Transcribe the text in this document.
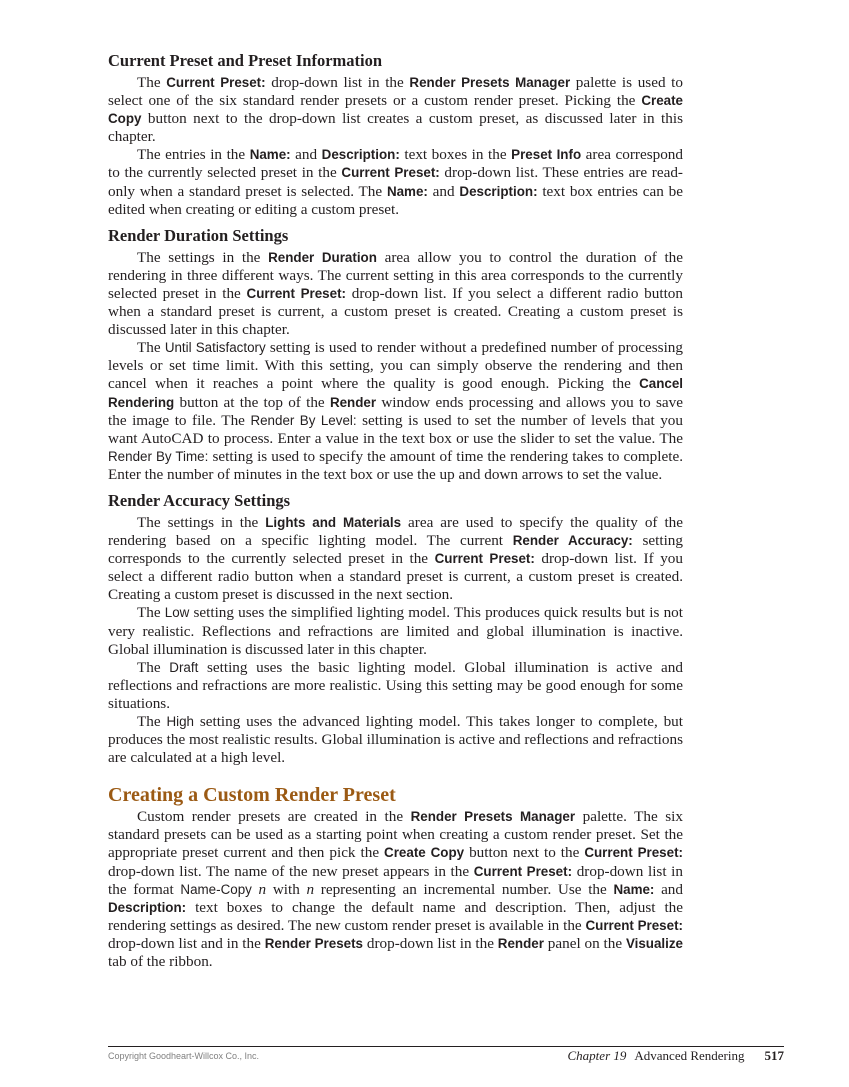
Current Preset and Preset Information

The Current Preset: drop-down list in the Render Presets Manager palette is used to select one of the six standard render presets or a custom render preset. Picking the Create Copy button next to the drop-down list creates a custom preset, as discussed later in this chapter.

The entries in the Name: and Description: text boxes in the Preset Info area correspond to the currently selected preset in the Current Preset: drop-down list. These entries are read-only when a standard preset is selected. The Name: and Description: text box entries can be edited when creating or editing a custom preset.

Render Duration Settings

The settings in the Render Duration area allow you to control the duration of the rendering in three different ways. The current setting in this area corresponds to the currently selected preset in the Current Preset: drop-down list. If you select a different radio button when a standard preset is current, a custom preset is created. Creating a custom preset is discussed later in this chapter.

The Until Satisfactory setting is used to render without a predefined number of processing levels or set time limit. With this setting, you can simply observe the rendering and then cancel when it reaches a point where the quality is good enough. Picking the Cancel Rendering button at the top of the Render window ends processing and allows you to save the image to file. The Render By Level: setting is used to set the number of levels that you want AutoCAD to process. Enter a value in the text box or use the slider to set the value. The Render By Time: setting is used to specify the amount of time the rendering takes to complete. Enter the number of minutes in the text box or use the up and down arrows to set the value.

Render Accuracy Settings

The settings in the Lights and Materials area are used to specify the quality of the rendering based on a specific lighting model. The current Render Accuracy: setting corresponds to the currently selected preset in the Current Preset: drop-down list. If you select a different radio button when a standard preset is current, a custom preset is created. Creating a custom preset is discussed in the next section.

The Low setting uses the simplified lighting model. This produces quick results but is not very realistic. Reflections and refractions are limited and global illumination is inactive. Global illumination is discussed later in this chapter.

The Draft setting uses the basic lighting model. Global illumination is active and reflections and refractions are more realistic. Using this setting may be good enough for some situations.

The High setting uses the advanced lighting model. This takes longer to complete, but produces the most realistic results. Global illumination is active and reflections and refractions are calculated at a high level.

Creating a Custom Render Preset

Custom render presets are created in the Render Presets Manager palette. The six standard presets can be used as a starting point when creating a custom render preset. Set the appropriate preset current and then pick the Create Copy button next to the Current Preset: drop-down list. The name of the new preset appears in the Current Preset: drop-down list in the format Name-Copy n with n representing an incremental number. Use the Name: and Description: text boxes to change the default name and description. Then, adjust the rendering settings as desired. The new custom render preset is available in the Current Preset: drop-down list and in the Render Presets drop-down list in the Render panel on the Visualize tab of the ribbon.

Copyright Goodheart-Willcox Co., Inc.	Chapter 19 Advanced Rendering 517
